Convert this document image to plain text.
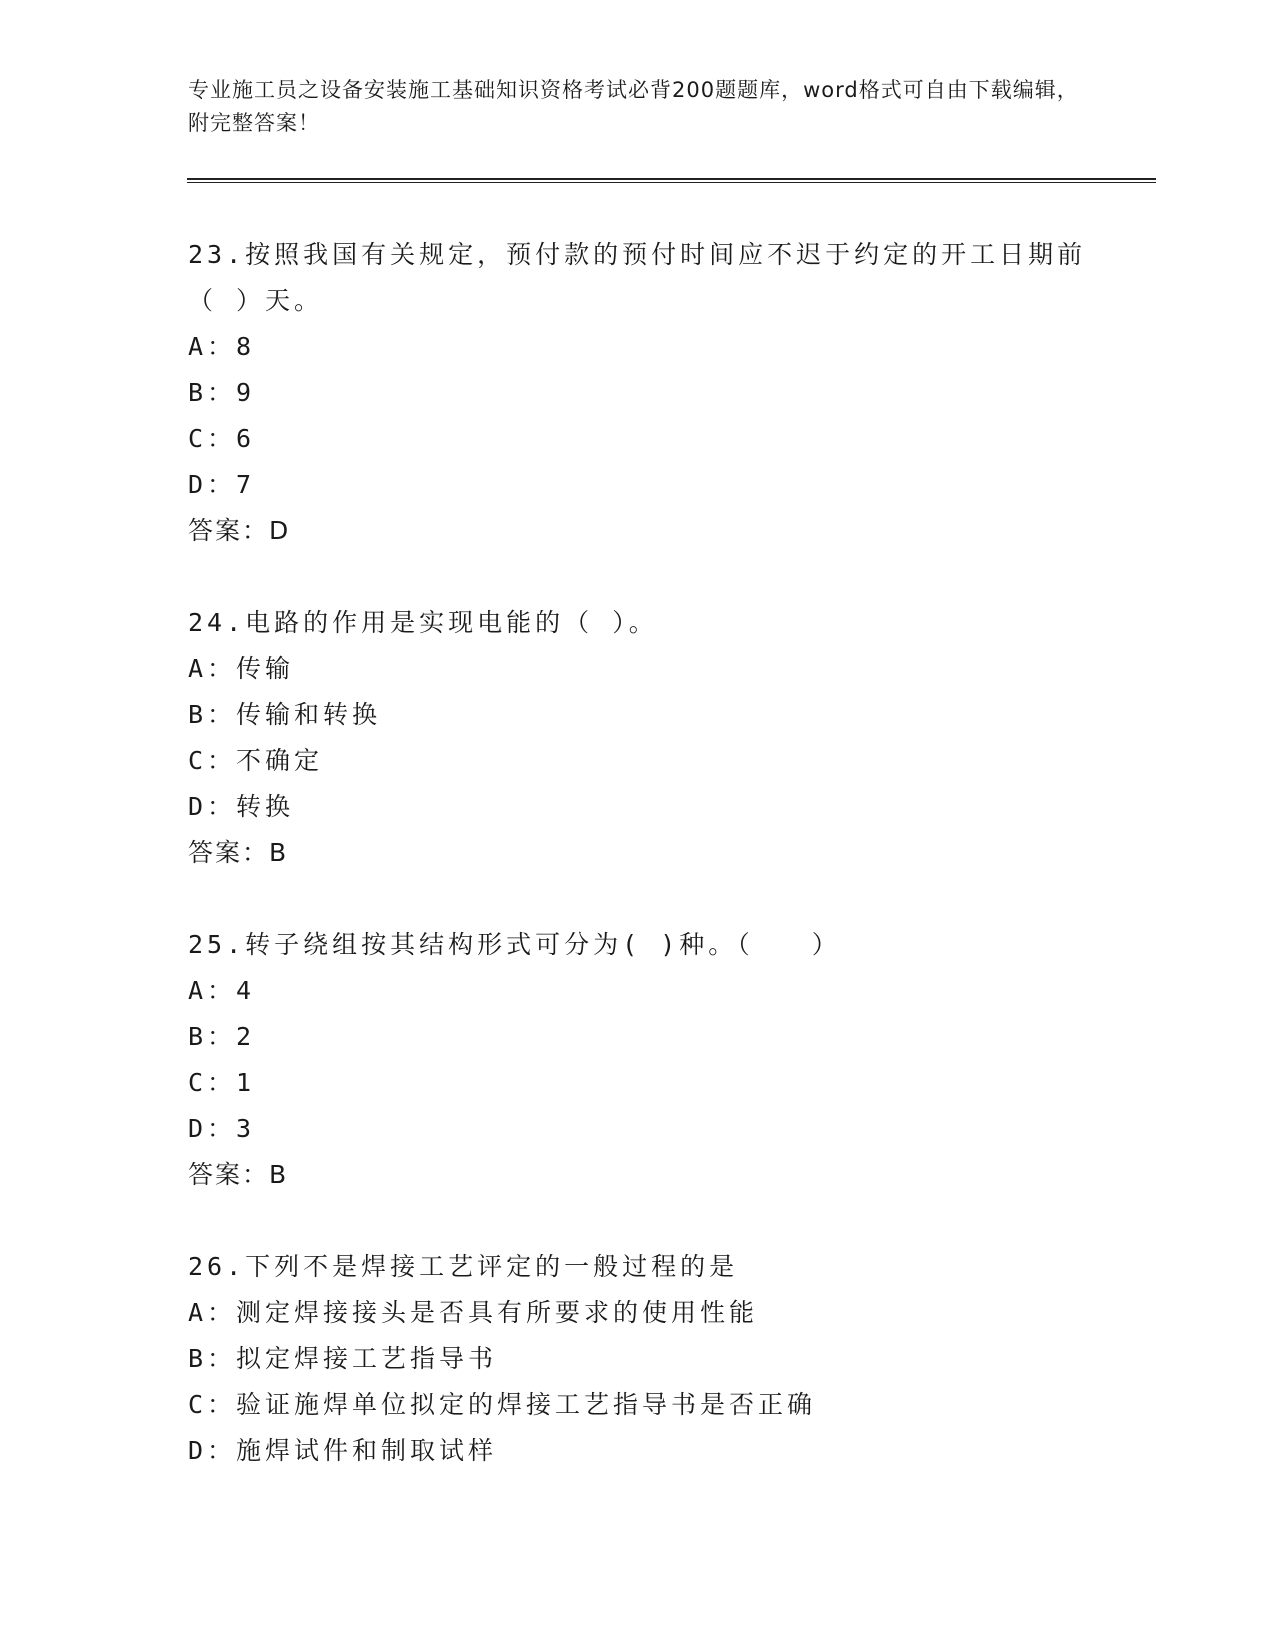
专业施工员之设备安装施工基础知识资格考试必背200题题库，word格式可自由下载编辑，附完整答案！

23.按照我国有关规定，预付款的预付时间应不迟于约定的开工日期前（ ）天。

A：8

B：9

C：6

D：7

答案：D

24.电路的作用是实现电能的（ ）。

A：传输

B：传输和转换

C：不确定

D：转换

答案：B

25.转子绕组按其结构形式可分为( )种。（　　）

A：4

B：2

C：1

D：3

答案：B

26.下列不是焊接工艺评定的一般过程的是

A：测定焊接接头是否具有所要求的使用性能

B：拟定焊接工艺指导书

C：验证施焊单位拟定的焊接工艺指导书是否正确

D：施焊试件和制取试样
